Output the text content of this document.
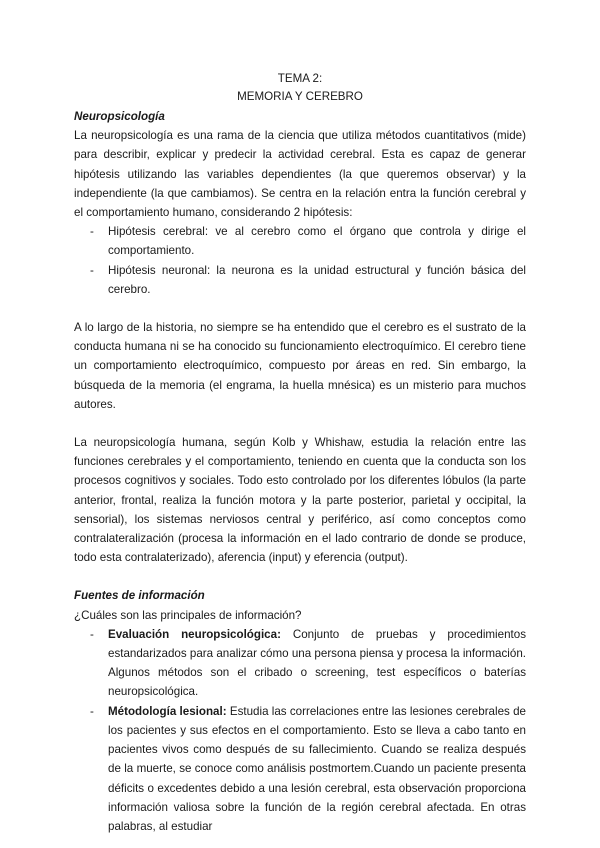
TEMA 2:
MEMORIA Y CEREBRO
Neuropsicología

La neuropsicología es una rama de la ciencia que utiliza métodos cuantitativos (mide) para describir, explicar y predecir la actividad cerebral. Esta es capaz de generar hipótesis utilizando las variables dependientes (la que queremos observar) y la independiente (la que cambiamos). Se centra en la relación entra la función cerebral y el comportamiento humano, considerando 2 hipótesis:

- Hipótesis cerebral: ve al cerebro como el órgano que controla y dirige el comportamiento.
- Hipótesis neuronal: la neurona es la unidad estructural y función básica del cerebro.

A lo largo de la historia, no siempre se ha entendido que el cerebro es el sustrato de la conducta humana ni se ha conocido su funcionamiento electroquímico. El cerebro tiene un comportamiento electroquímico, compuesto por áreas en red. Sin embargo, la búsqueda de la memoria (el engrama, la huella mnésica) es un misterio para muchos autores.

La neuropsicología humana, según Kolb y Whishaw, estudia la relación entre las funciones cerebrales y el comportamiento, teniendo en cuenta que la conducta son los procesos cognitivos y sociales. Todo esto controlado por los diferentes lóbulos (la parte anterior, frontal, realiza la función motora y la parte posterior, parietal y occipital, la sensorial), los sistemas nerviosos central y periférico, así como conceptos como contralateralización (procesa la información en el lado contrario de donde se produce, todo esta contralaterizado), aferencia (input) y eferencia (output).

Fuentes de información

¿Cuáles son las principales de información?

- Evaluación neuropsicológica: Conjunto de pruebas y procedimientos estandarizados para analizar cómo una persona piensa y procesa la información. Algunos métodos son el cribado o screening, test específicos o baterías neuropsicológica.
- Métodología lesional: Estudia las correlaciones entre las lesiones cerebrales de los pacientes y sus efectos en el comportamiento. Esto se lleva a cabo tanto en pacientes vivos como después de su fallecimiento. Cuando se realiza después de la muerte, se conoce como análisis postmortem.Cuando un paciente presenta déficits o excedentes debido a una lesión cerebral, esta observación proporciona información valiosa sobre la función de la región cerebral afectada. En otras palabras, al estudiar
